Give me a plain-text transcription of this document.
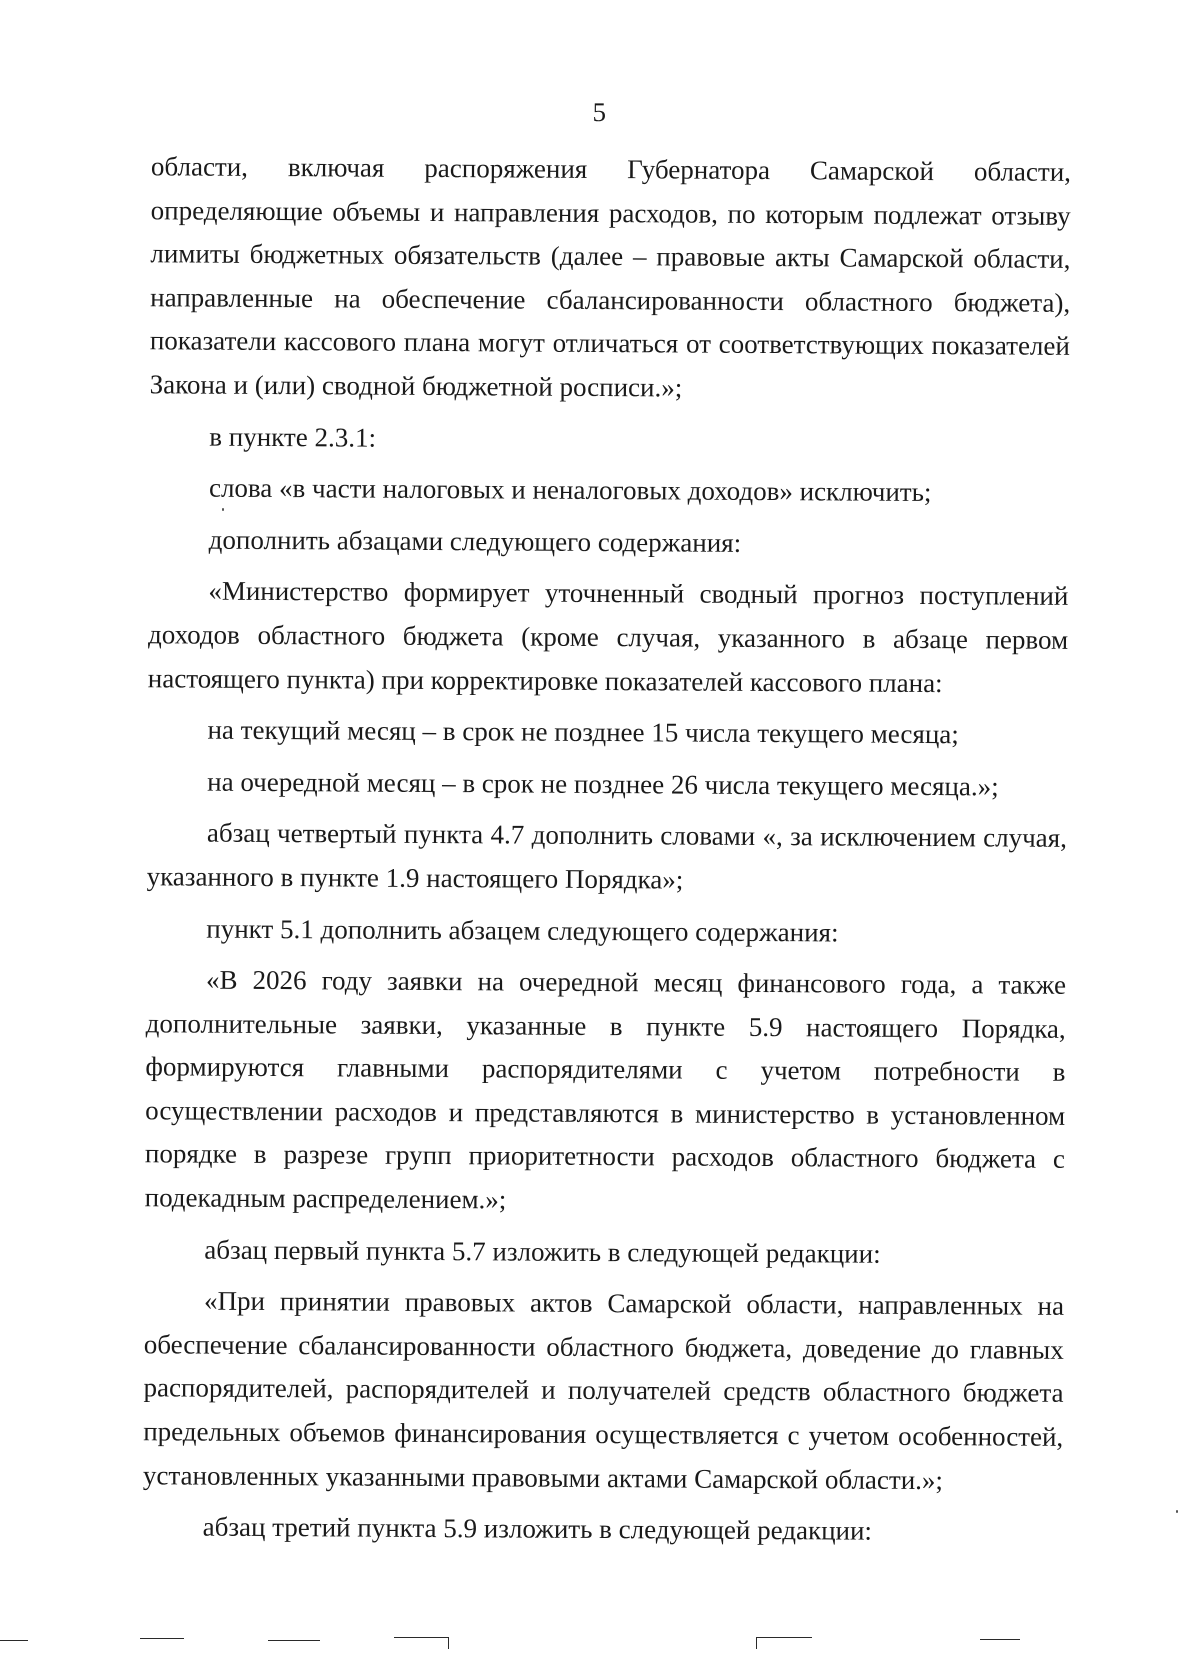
5

области, включая распоряжения Губернатора Самарской области, определяющие объемы и направления расходов, по которым подлежат отзыву лимиты бюджетных обязательств (далее – правовые акты Самарской области, направленные на обеспечение сбалансированности областного бюджета), показатели кассового плана могут отличаться от соответствующих показателей Закона и (или) сводной бюджетной росписи.»;

в пункте 2.3.1:

слова «в части налоговых и неналоговых доходов» исключить;

дополнить абзацами следующего содержания:

«Министерство формирует уточненный сводный прогноз поступлений доходов областного бюджета (кроме случая, указанного в абзаце первом настоящего пункта) при корректировке показателей кассового плана:

на текущий месяц – в срок не позднее 15 числа текущего месяца;

на очередной месяц – в срок не позднее 26 числа текущего месяца.»;

абзац четвертый пункта 4.7 дополнить словами «, за исключением случая, указанного в пункте 1.9 настоящего Порядка»;

пункт 5.1 дополнить абзацем следующего содержания:

«В 2026 году заявки на очередной месяц финансового года, а также дополнительные заявки, указанные в пункте 5.9 настоящего Порядка, формируются главными распорядителями с учетом потребности в осуществлении расходов и представляются в министерство в установленном порядке в разрезе групп приоритетности расходов областного бюджета с подекадным распределением.»;

абзац первый пункта 5.7 изложить в следующей редакции:

«При принятии правовых актов Самарской области, направленных на обеспечение сбалансированности областного бюджета, доведение до главных распорядителей, распорядителей и получателей средств областного бюджета предельных объемов финансирования осуществляется с учетом особенностей, установленных указанными правовыми актами Самарской области.»;

абзац третий пункта 5.9 изложить в следующей редакции:
